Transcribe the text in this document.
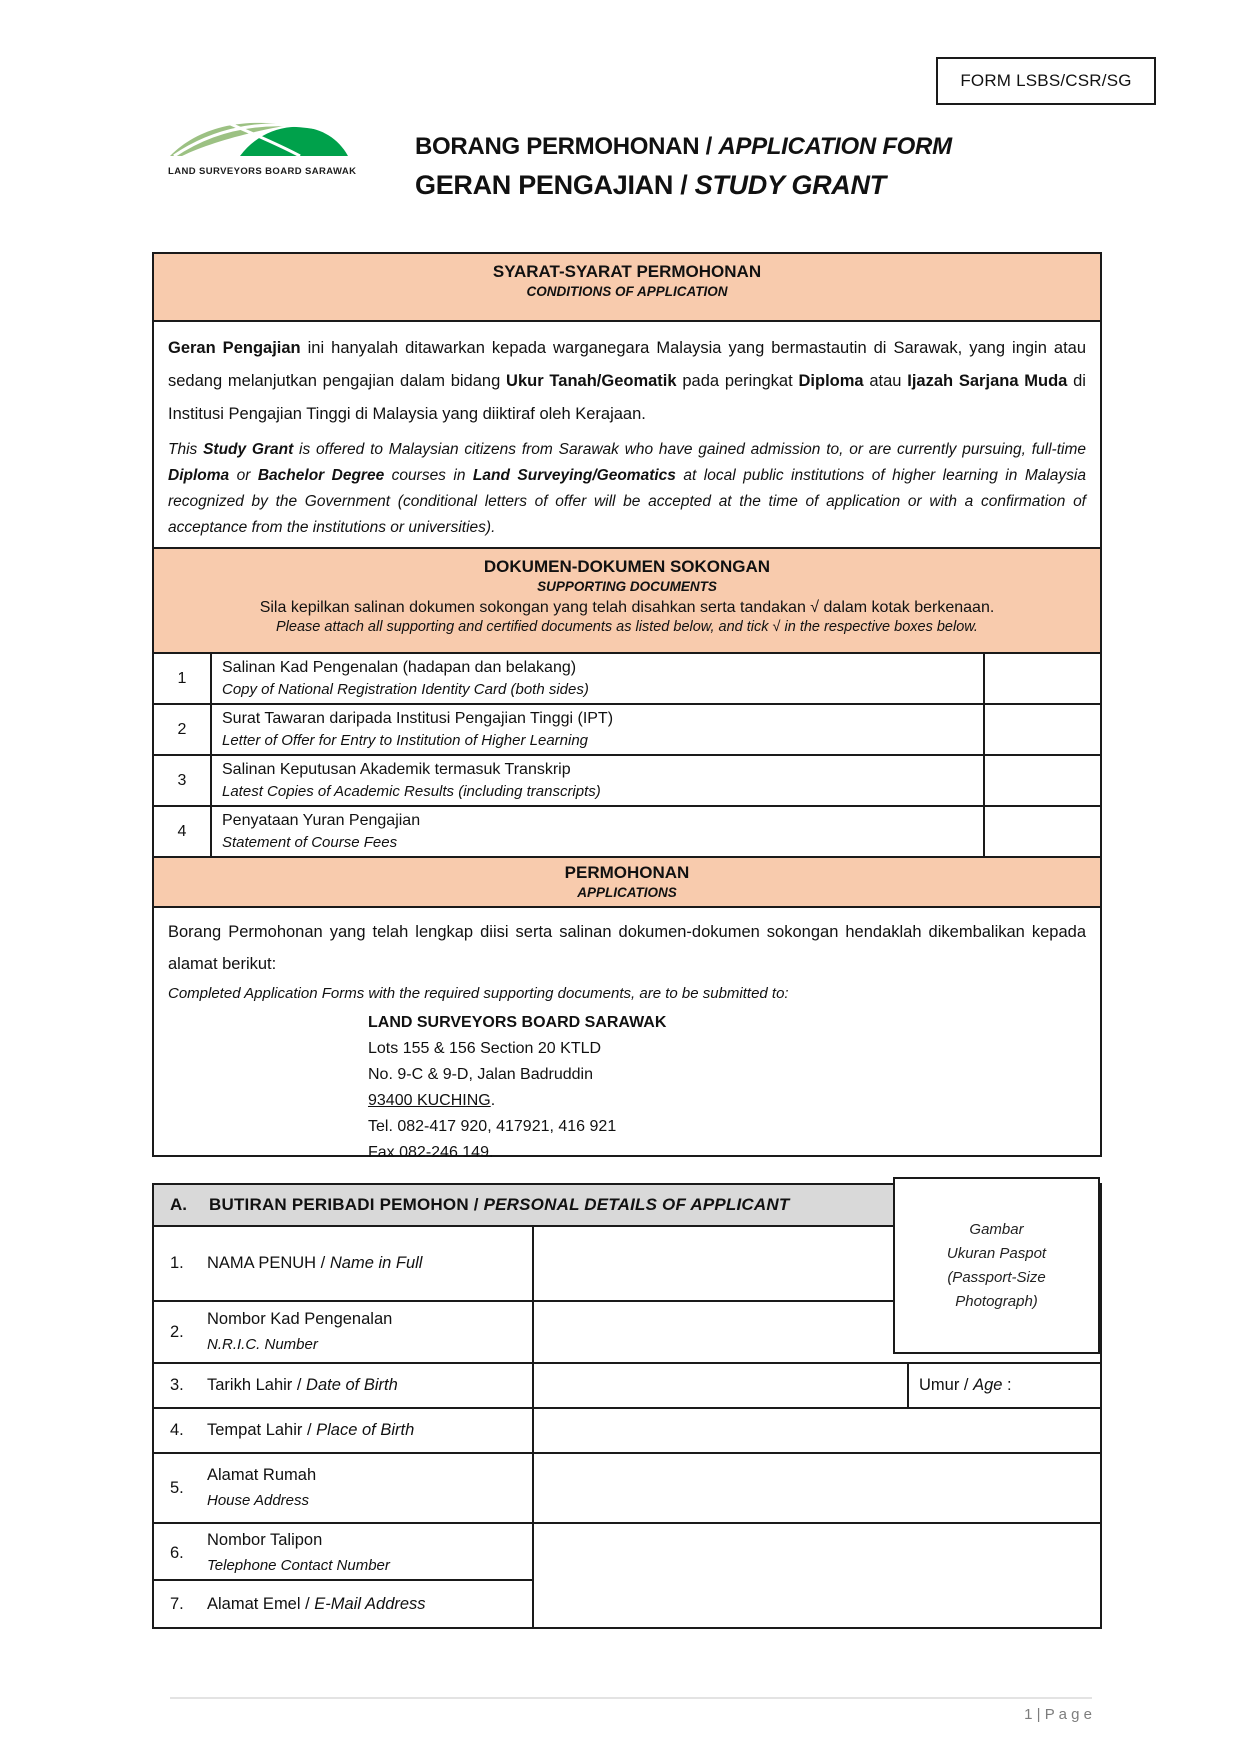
FORM LSBS/CSR/SG
LAND SURVEYORS BOARD SARAWAK
BORANG PERMOHONAN / APPLICATION FORM
GERAN PENGAJIAN / STUDY GRANT
SYARAT-SYARAT PERMOHONAN
CONDITIONS OF APPLICATION
Geran Pengajian ini hanyalah ditawarkan kepada warganegara Malaysia yang bermastautin di Sarawak, yang ingin atau sedang melanjutkan pengajian dalam bidang Ukur Tanah/Geomatik pada peringkat Diploma atau Ijazah Sarjana Muda di Institusi Pengajian Tinggi di Malaysia yang diiktiraf oleh Kerajaan.
This Study Grant is offered to Malaysian citizens from Sarawak who have gained admission to, or are currently pursuing, full-time Diploma or Bachelor Degree courses in Land Surveying/Geomatics at local public institutions of higher learning in Malaysia recognized by the Government (conditional letters of offer will be accepted at the time of application or with a confirmation of acceptance from the institutions or universities).
DOKUMEN-DOKUMEN SOKONGAN
SUPPORTING DOCUMENTS
Sila kepilkan salinan dokumen sokongan yang telah disahkan serta tandakan √ dalam kotak berkenaan.
Please attach all supporting and certified documents as listed below, and tick √ in the respective boxes below.
1
Salinan Kad Pengenalan (hadapan dan belakang)
Copy of National Registration Identity Card (both sides)
2
Surat Tawaran daripada Institusi Pengajian Tinggi (IPT)
Letter of Offer for Entry to Institution of Higher Learning
3
Salinan Keputusan Akademik termasuk Transkrip
Latest Copies of Academic Results (including transcripts)
4
Penyataan Yuran Pengajian
Statement of Course Fees
PERMOHONAN
APPLICATIONS
Borang Permohonan yang telah lengkap diisi serta salinan dokumen-dokumen sokongan hendaklah dikembalikan kepada alamat berikut:
Completed Application Forms with the required supporting documents, are to be submitted to:
LAND SURVEYORS BOARD SARAWAK
Lots 155 & 156 Section 20 KTLD
No. 9-C & 9-D, Jalan Badruddin
93400 KUCHING.
Tel. 082-417 920, 417921, 416 921
Fax 082-246 149.
Gambar
Ukuran Paspot
(Passport-Size
Photograph)
A. BUTIRAN PERIBADI PEMOHON / PERSONAL DETAILS OF APPLICANT
1.	NAMA PENUH / Name in Full
2.
Nombor Kad Pengenalan
N.R.I.C. Number
3.	Tarikh Lahir / Date of Birth	Umur / Age :
4.	Tempat Lahir / Place of Birth
5.
Alamat Rumah
House Address
6.
Nombor Talipon
Telephone Contact Number
7.	Alamat Emel / E-Mail Address
1 | P a g e
